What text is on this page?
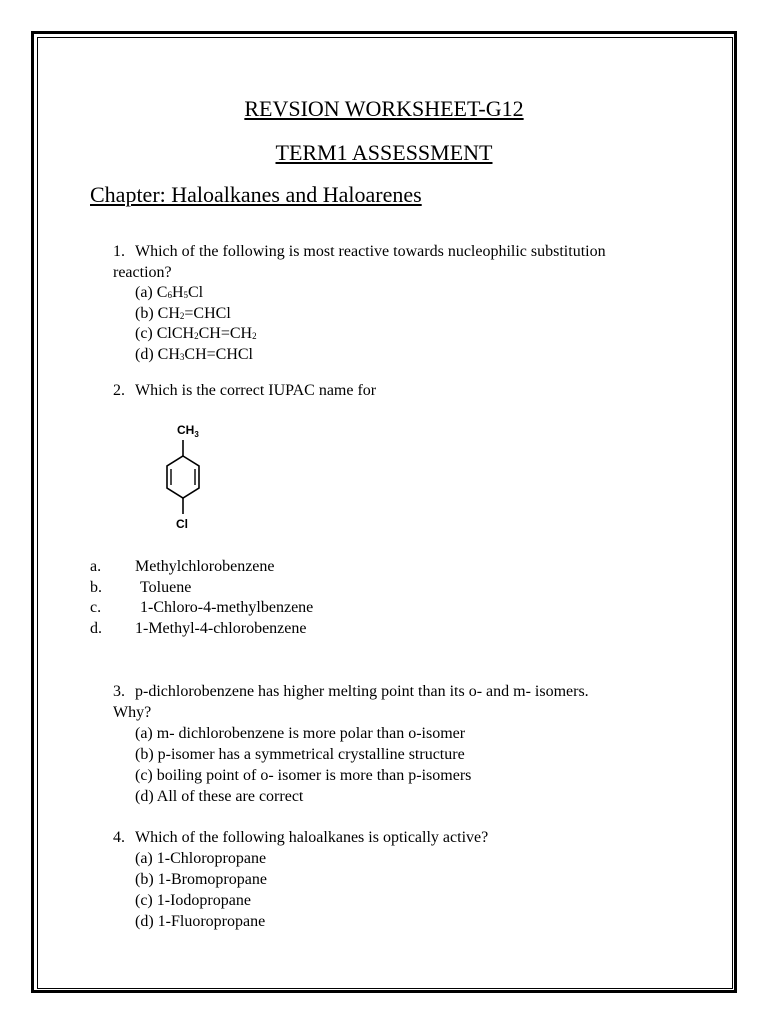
REVSION WORKSHEET-G12
TERM1 ASSESSMENT
Chapter: Haloalkanes and Haloarenes
1. Which of the following is most reactive towards nucleophilic substitution
reaction?
(a) $C_6H_5Cl$
(b) $CH_2=CHCl$
(c) $ClCH_2CH=CH_2$
(d) $CH_3CH=CHCl$
2. Which is the correct IUPAC name for
$CH_3$
Cl
a. Methylchlorobenzene
b. Toluene
c. 1-Chloro-4-methylbenzene
d. 1-Methyl-4-chlorobenzene
3. p-dichlorobenzene has higher melting point than its o- and m- isomers.
Why?
(a) m- dichlorobenzene is more polar than o-isomer
(b) p-isomer has a symmetrical crystalline structure
(c) boiling point of o- isomer is more than p-isomers
(d) All of these are correct
4. Which of the following haloalkanes is optically active?
(a) 1-Chloropropane
(b) 1-Bromopropane
(c) 1-Iodopropane
(d) 1-Fluoropropane
